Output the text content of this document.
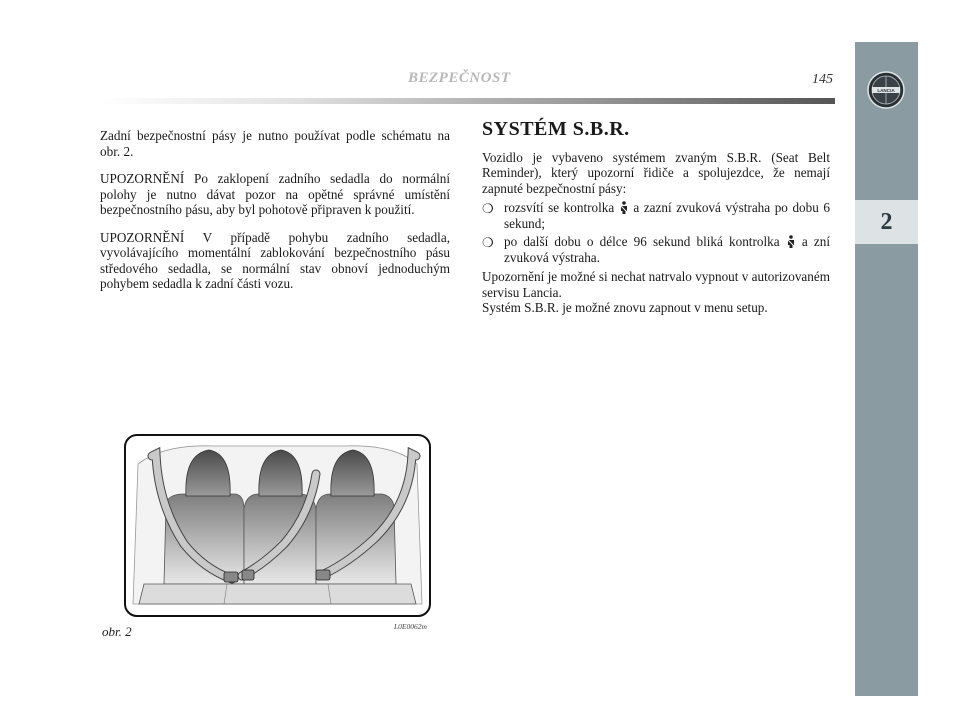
BEZPEČNOST	145
LANCIA
2

Zadní bezpečnostní pásy je nutno používat podle schématu na obr. 2.

UPOZORNĚNÍ Po zaklopení zadního sedadla do normální polohy je nutno dávat pozor na opětné správné umístění bezpečnostního pásu, aby byl pohotově připraven k použití.

UPOZORNĚNÍ V případě pohybu zadního sedadla, vyvolávajícího momentální zablokování bezpečnostního pásu středového sedadla, se normální stav obnoví jednoduchým pohybem sedadla k zadní části vozu.

SYSTÉM S.B.R.

Vozidlo je vybaveno systémem zvaným S.B.R. (Seat Belt Reminder), který upozorní řidiče a spolujezdce, že nemají zapnuté bezpečnostní pásy:

❍ rozsvítí se kontrolka a zazní zvuková výstraha po dobu 6 sekund;
❍ po další dobu o délce 96 sekund bliká kontrolka a zní zvuková výstraha.

Upozornění je možné si nechat natrvalo vypnout v autorizovaném servisu Lancia.

Systém S.B.R. je možné znovu zapnout v menu setup.

obr. 2	L0E0062m
